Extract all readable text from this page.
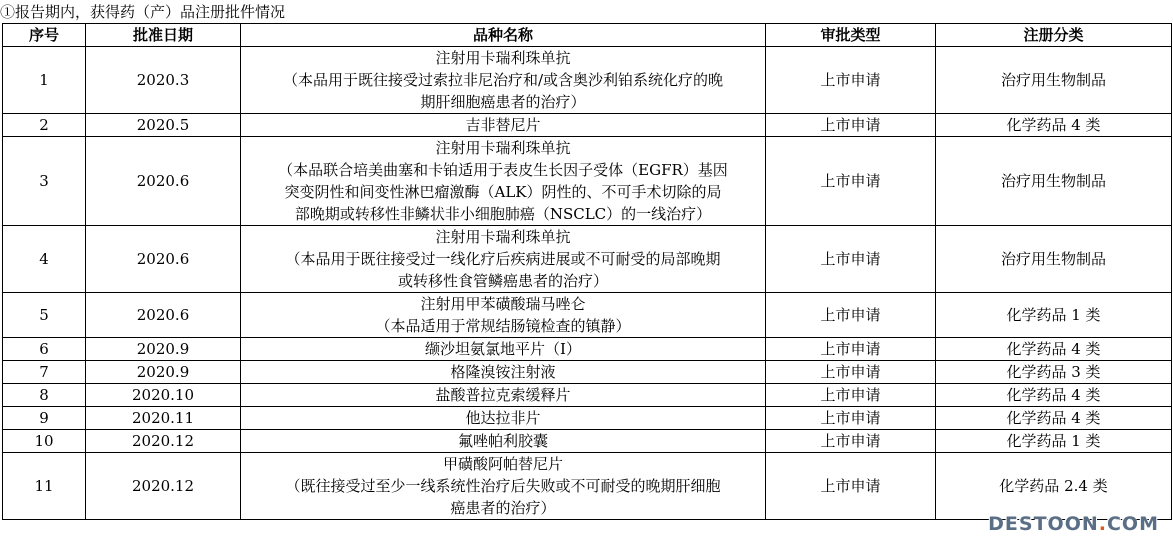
①报告期内，获得药（产）品注册批件情况
序号	批准日期	品种名称	审批类型	注册分类
1	2020.3	注射用卡瑞利珠单抗
（本品用于既往接受过索拉非尼治疗和/或含奥沙利铂系统化疗的晚
期肝细胞癌患者的治疗）	上市申请	治疗用生物制品
2	2020.5	吉非替尼片	上市申请	化学药品 4 类
3	2020.6	注射用卡瑞利珠单抗
（本品联合培美曲塞和卡铂适用于表皮生长因子受体（EGFR）基因
突变阴性和间变性淋巴瘤激酶（ALK）阴性的、不可手术切除的局
部晚期或转移性非鳞状非小细胞肺癌（NSCLC）的一线治疗）	上市申请	治疗用生物制品
4	2020.6	注射用卡瑞利珠单抗
（本品用于既往接受过一线化疗后疾病进展或不可耐受的局部晚期
或转移性食管鳞癌患者的治疗）	上市申请	治疗用生物制品
5	2020.6	注射用甲苯磺酸瑞马唑仑
（本品适用于常规结肠镜检查的镇静）	上市申请	化学药品 1 类
6	2020.9	缬沙坦氨氯地平片（I）	上市申请	化学药品 4 类
7	2020.9	格隆溴铵注射液	上市申请	化学药品 3 类
8	2020.10	盐酸普拉克索缓释片	上市申请	化学药品 4 类
9	2020.11	他达拉非片	上市申请	化学药品 4 类
10	2020.12	氟唑帕利胶囊	上市申请	化学药品 1 类
11	2020.12	甲磺酸阿帕替尼片
（既往接受过至少一线系统性治疗后失败或不可耐受的晚期肝细胞
癌患者的治疗）	上市申请	化学药品 2.4 类
DESTOON.COM
